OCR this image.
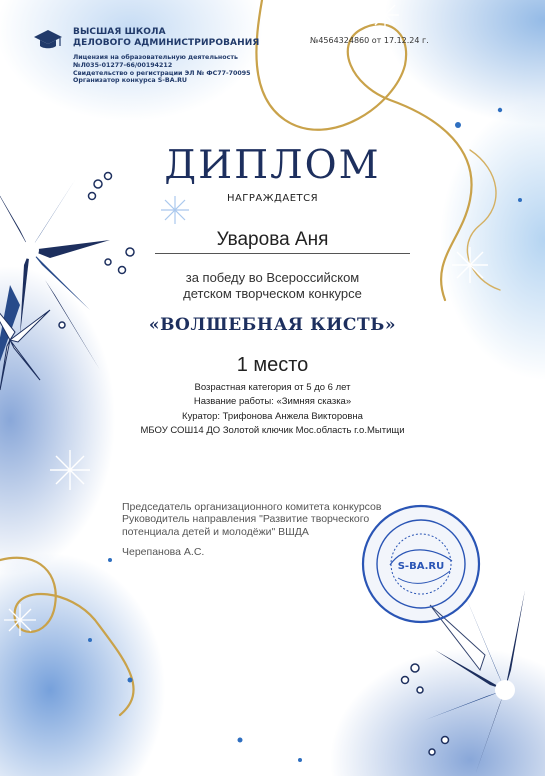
ВЫСШАЯ ШКОЛА
ДЕЛОВОГО АДМИНИСТРИРОВАНИЯ
Лицензия на образовательную деятельность
№Л035-01277-66/00194212
Свидетельство о регистрации ЭЛ № ФС77-70095
Организатор конкурса S-BA.RU
№4564324860 от 17.12.24 г.
ДИПЛОМ
НАГРАЖДАЕТСЯ
Уварова Аня
за победу во Всероссийском
детском творческом конкурсе
«ВОЛШЕБНАЯ КИСТЬ»
1 место
Возрастная категория от 5 до 6 лет
Название работы: «Зимняя сказка»
Куратор: Трифонова Анжела Викторовна
МБОУ СОШ14 ДО Золотой ключик Мос.область г.о.Мытищи
S-BA.RU
Председатель организационного комитета конкурсов
Руководитель направления "Развитие творческого
потенциала детей и молодёжи" ВШДА
Черепанова А.С.
